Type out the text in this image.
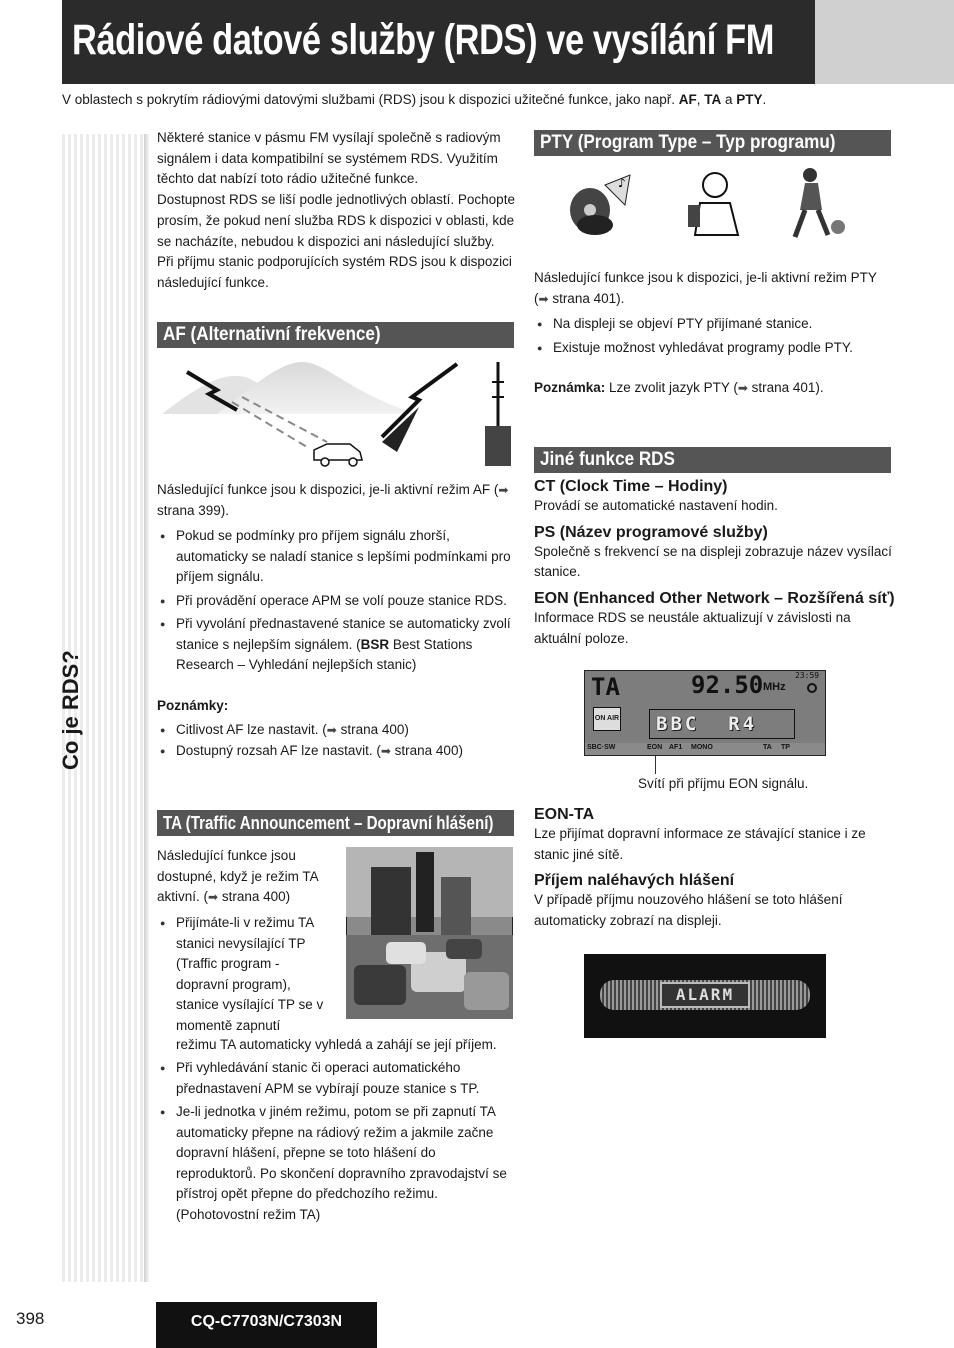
Rádiové datové služby (RDS) ve vysílání FM
V oblastech s pokrytím rádiovými datovými službami (RDS) jsou k dispozici užitečné funkce, jako např. AF, TA a PTY.
Co je RDS?
Některé stanice v pásmu FM vysílají společně s radiovým signálem i data kompatibilní se systémem RDS. Využitím těchto dat nabízí toto rádio užitečné funkce.
Dostupnost RDS se liší podle jednotlivých oblastí. Pochopte prosím, že pokud není služba RDS k dispozici v oblasti, kde se nacházíte, nebudou k dispozici ani následující služby.
Při příjmu stanic podporujících systém RDS jsou k dispozici následující funkce.
AF (Alternativní frekvence)
Následující funkce jsou k dispozici, je-li aktivní režim AF (➡ strana 399).
● Pokud se podmínky pro příjem signálu zhorší, automaticky se naladí stanice s lepšími podmínkami pro příjem signálu.
● Při provádění operace APM se volí pouze stanice RDS.
● Při vyvolání přednastavené stanice se automaticky zvolí stanice s nejlepším signálem. (BSR Best Stations Research – Vyhledání nejlepších stanic)
Poznámky:
● Citlivost AF lze nastavit. (➡ strana 400)
● Dostupný rozsah AF lze nastavit. (➡ strana 400)
TA (Traffic Announcement – Dopravní hlášení)
Následující funkce jsou dostupné, když je režim TA aktivní. (➡ strana 400)
● Přijímáte-li v režimu TA stanici nevysílající TP (Traffic program - dopravní program), stanice vysílající TP se v momentě zapnutí
režimu TA automaticky vyhledá a zahájí se její příjem.
● Při vyhledávání stanic či operaci automatického přednastavení APM se vybírají pouze stanice s TP.
● Je-li jednotka v jiném režimu, potom se při zapnutí TA automaticky přepne na rádiový režim a jakmile začne dopravní hlášení, přepne se toto hlášení do reproduktorů. Po skončení dopravního zpravodajství se přístroj opět přepne do předchozího režimu. (Pohotovostní režim TA)
PTY (Program Type – Typ programu)
♪
Následující funkce jsou k dispozici, je-li aktivní režim PTY (➡ strana 401).
● Na displeji se objeví PTY přijímané stanice.
● Existuje možnost vyhledávat programy podle PTY.
Poznámka: Lze zvolit jazyk PTY (➡ strana 401).
Jiné funkce RDS
CT (Clock Time – Hodiny)
Provádí se automatické nastavení hodin.
PS (Název programové služby)
Společně s frekvencí se na displeji zobrazuje název vysílací stanice.
EON (Enhanced Other Network – Rozšířená síť)
Informace RDS se neustále aktualizují v závislosti na aktuální poloze.
TA	92.50 MHz
23:59
ON AIR	BBC  R4
SBC·SW	EON AF1 MONO	TA TP
Svítí při příjmu EON signálu.
EON-TA
Lze přijímat dopravní informace ze stávající stanice i ze stanic jiné sítě.
Příjem naléhavých hlášení
V případě příjmu nouzového hlášení se toto hlášení automaticky zobrazí na displeji.
ALARM
398	CQ-C7703N/C7303N
